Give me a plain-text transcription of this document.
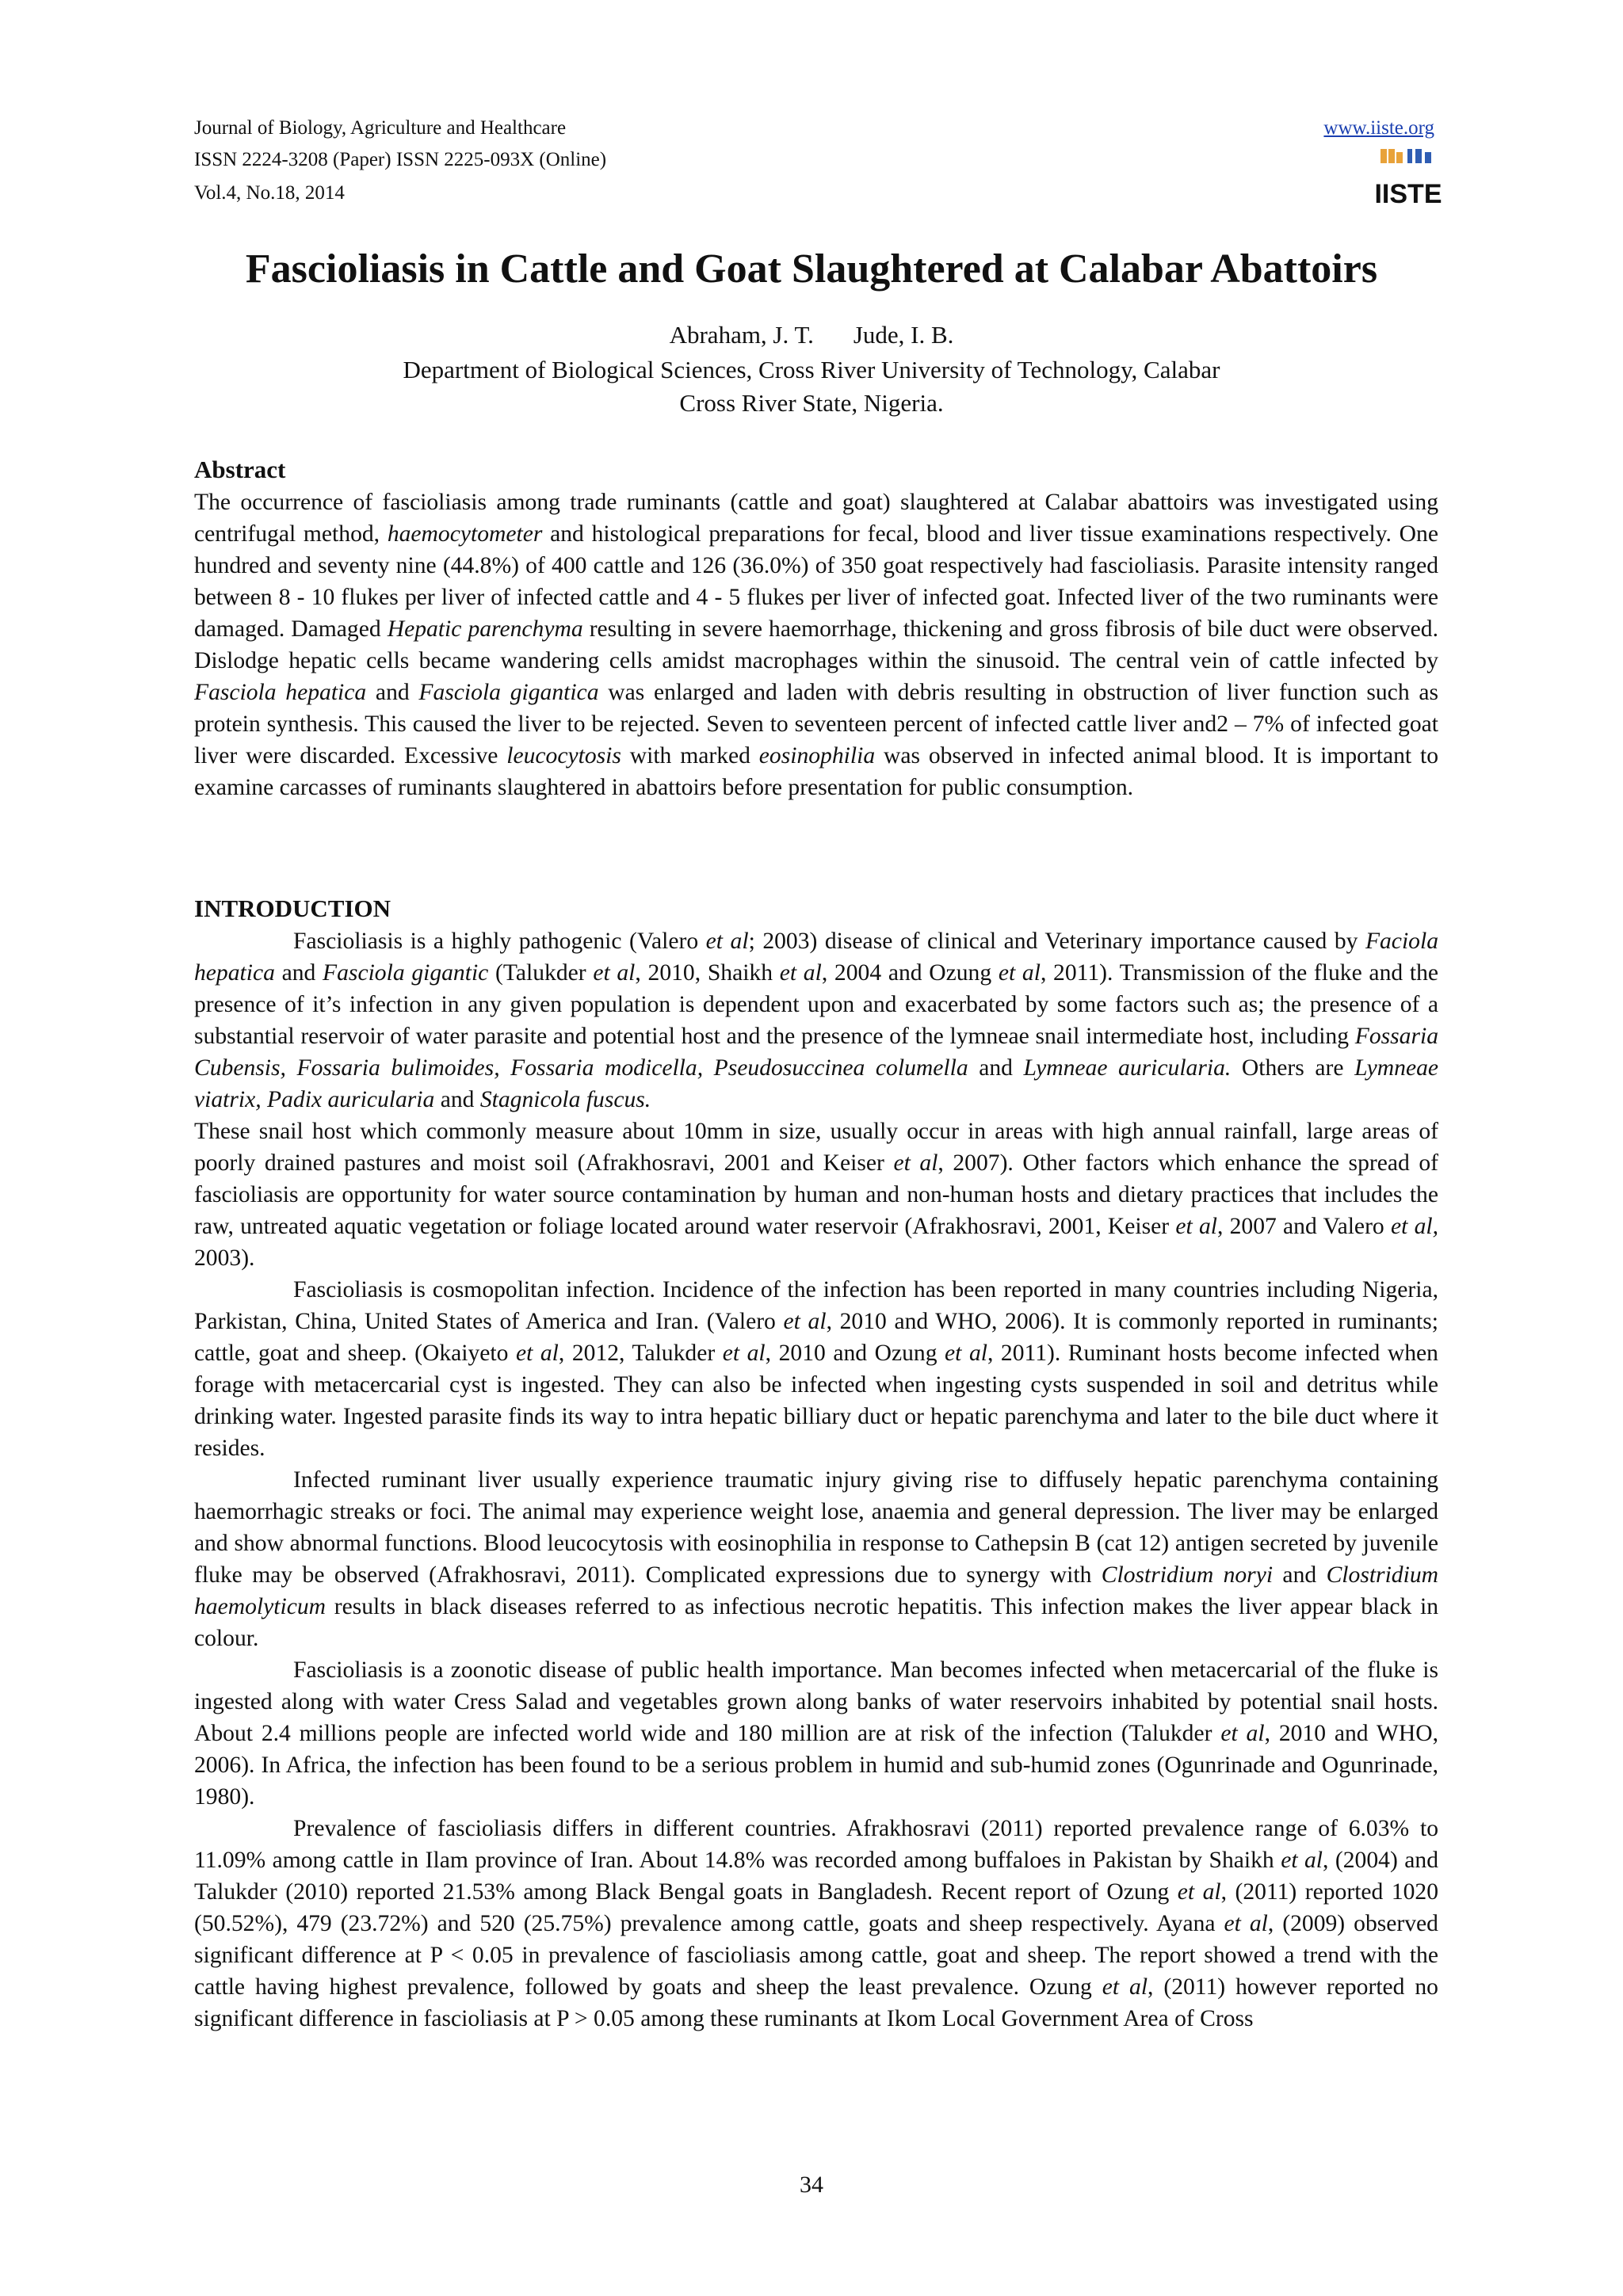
Journal of Biology, Agriculture and Healthcare
ISSN 2224-3208 (Paper) ISSN 2225-093X (Online)
Vol.4, No.18, 2014
www.iiste.org
IISTE
Fascioliasis in Cattle and Goat Slaughtered at Calabar Abattoirs
Abraham, J. T. Jude, I. B.
Department of Biological Sciences, Cross River University of Technology, Calabar
Cross River State, Nigeria.
Abstract
The occurrence of fascioliasis among trade ruminants (cattle and goat) slaughtered at Calabar abattoirs was investigated using centrifugal method, haemocytometer and histological preparations for fecal, blood and liver tissue examinations respectively. One hundred and seventy nine (44.8%) of 400 cattle and 126 (36.0%) of 350 goat respectively had fascioliasis. Parasite intensity ranged between 8 - 10 flukes per liver of infected cattle and 4 - 5 flukes per liver of infected goat. Infected liver of the two ruminants were damaged. Damaged Hepatic parenchyma resulting in severe haemorrhage, thickening and gross fibrosis of bile duct were observed. Dislodge hepatic cells became wandering cells amidst macrophages within the sinusoid. The central vein of cattle infected by Fasciola hepatica and Fasciola gigantica was enlarged and laden with debris resulting in obstruction of liver function such as protein synthesis. This caused the liver to be rejected. Seven to seventeen percent of infected cattle liver and2 – 7% of infected goat liver were discarded. Excessive leucocytosis with marked eosinophilia was observed in infected animal blood. It is important to examine carcasses of ruminants slaughtered in abattoirs before presentation for public consumption.
INTRODUCTION

Fascioliasis is a highly pathogenic (Valero et al; 2003) disease of clinical and Veterinary importance caused by Faciola hepatica and Fasciola gigantic (Talukder et al, 2010, Shaikh et al, 2004 and Ozung et al, 2011). Transmission of the fluke and the presence of it’s infection in any given population is dependent upon and exacerbated by some factors such as; the presence of a substantial reservoir of water parasite and potential host and the presence of the lymneae snail intermediate host, including Fossaria Cubensis, Fossaria bulimoides, Fossaria modicella, Pseudosuccinea columella and Lymneae auricularia. Others are Lymneae viatrix, Padix auricularia and Stagnicola fuscus.

These snail host which commonly measure about 10mm in size, usually occur in areas with high annual rainfall, large areas of poorly drained pastures and moist soil (Afrakhosravi, 2001 and Keiser et al, 2007). Other factors which enhance the spread of fascioliasis are opportunity for water source contamination by human and non-human hosts and dietary practices that includes the raw, untreated aquatic vegetation or foliage located around water reservoir (Afrakhosravi, 2001, Keiser et al, 2007 and Valero et al, 2003).

Fascioliasis is cosmopolitan infection. Incidence of the infection has been reported in many countries including Nigeria, Parkistan, China, United States of America and Iran. (Valero et al, 2010 and WHO, 2006). It is commonly reported in ruminants; cattle, goat and sheep. (Okaiyeto et al, 2012, Talukder et al, 2010 and Ozung et al, 2011). Ruminant hosts become infected when forage with metacercarial cyst is ingested. They can also be infected when ingesting cysts suspended in soil and detritus while drinking water. Ingested parasite finds its way to intra hepatic billiary duct or hepatic parenchyma and later to the bile duct where it resides.

Infected ruminant liver usually experience traumatic injury giving rise to diffusely hepatic parenchyma containing haemorrhagic streaks or foci. The animal may experience weight lose, anaemia and general depression. The liver may be enlarged and show abnormal functions. Blood leucocytosis with eosinophilia in response to Cathepsin B (cat 12) antigen secreted by juvenile fluke may be observed (Afrakhosravi, 2011). Complicated expressions due to synergy with Clostridium noryi and Clostridium haemolyticum results in black diseases referred to as infectious necrotic hepatitis. This infection makes the liver appear black in colour.

Fascioliasis is a zoonotic disease of public health importance. Man becomes infected when metacercarial of the fluke is ingested along with water Cress Salad and vegetables grown along banks of water reservoirs inhabited by potential snail hosts. About 2.4 millions people are infected world wide and 180 million are at risk of the infection (Talukder et al, 2010 and WHO, 2006). In Africa, the infection has been found to be a serious problem in humid and sub-humid zones (Ogunrinade and Ogunrinade, 1980).

Prevalence of fascioliasis differs in different countries. Afrakhosravi (2011) reported prevalence range of 6.03% to 11.09% among cattle in Ilam province of Iran. About 14.8% was recorded among buffaloes in Pakistan by Shaikh et al, (2004) and Talukder (2010) reported 21.53% among Black Bengal goats in Bangladesh. Recent report of Ozung et al, (2011) reported 1020 (50.52%), 479 (23.72%) and 520 (25.75%) prevalence among cattle, goats and sheep respectively. Ayana et al, (2009) observed significant difference at P < 0.05 in prevalence of fascioliasis among cattle, goat and sheep. The report showed a trend with the cattle having highest prevalence, followed by goats and sheep the least prevalence. Ozung et al, (2011) however reported no significant difference in fascioliasis at P > 0.05 among these ruminants at Ikom Local Government Area of Cross

34
